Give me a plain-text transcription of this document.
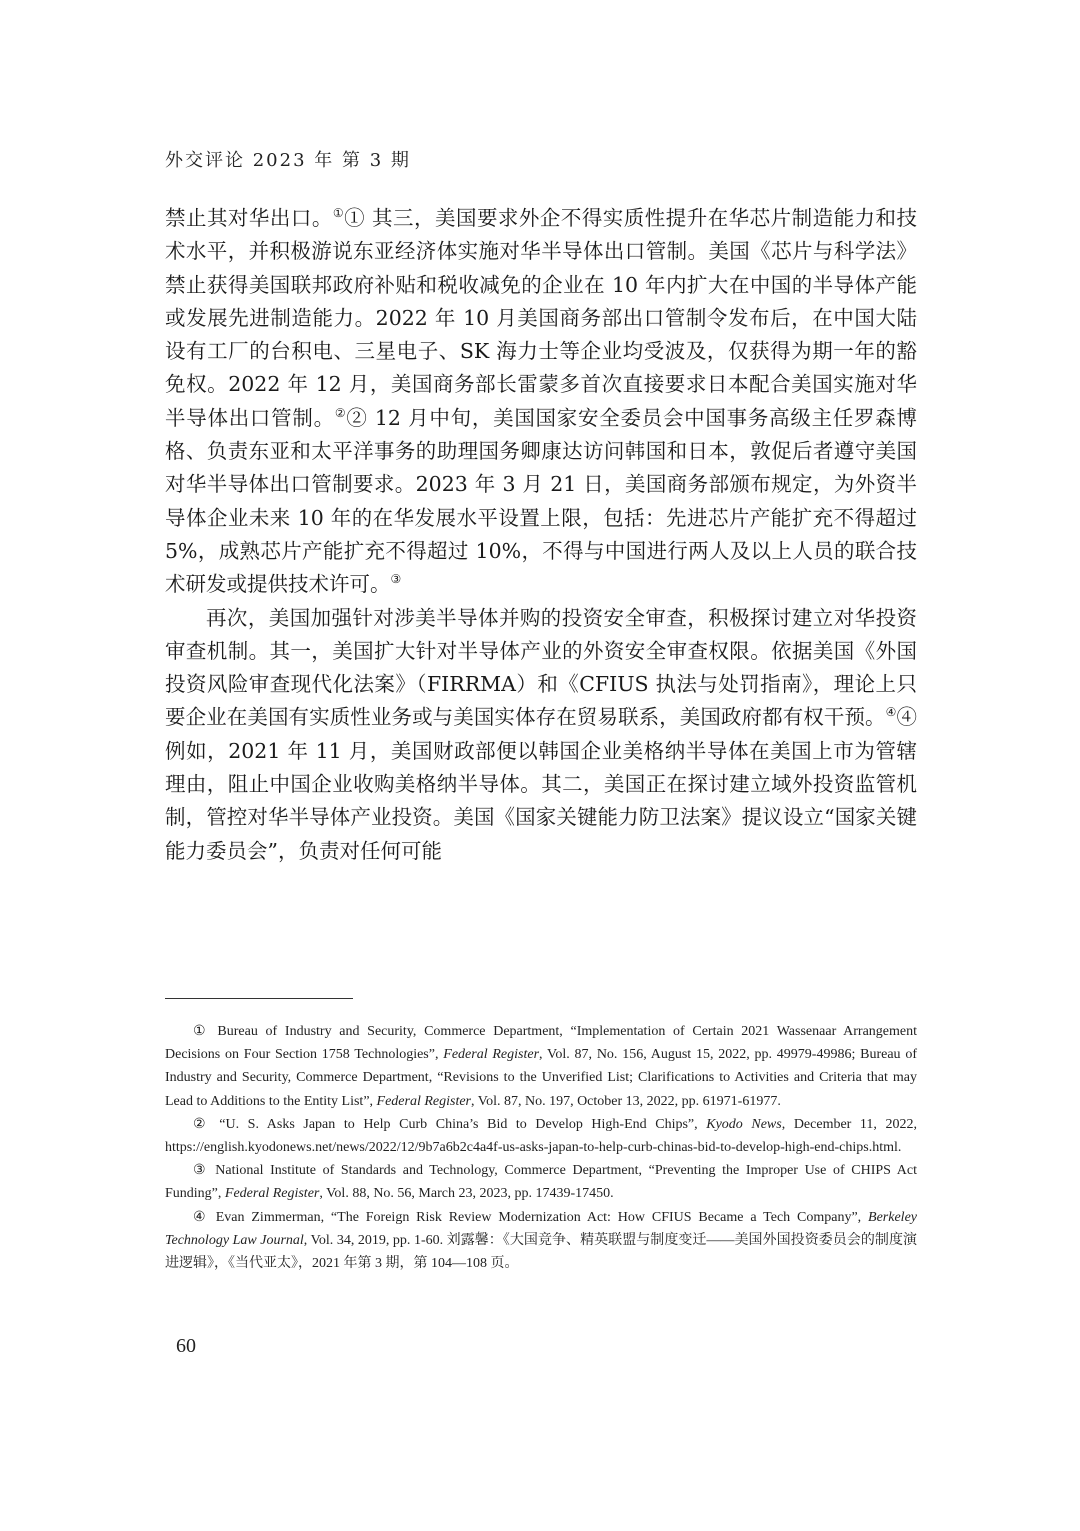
外交评论 2023 年 第 3 期

禁止其对华出口。①① 其三，美国要求外企不得实质性提升在华芯片制造能力和技术水平，并积极游说东亚经济体实施对华半导体出口管制。美国《芯片与科学法》禁止获得美国联邦政府补贴和税收减免的企业在 10 年内扩大在中国的半导体产能或发展先进制造能力。2022 年 10 月美国商务部出口管制令发布后，在中国大陆设有工厂的台积电、三星电子、SK 海力士等企业均受波及，仅获得为期一年的豁免权。2022 年 12 月，美国商务部长雷蒙多首次直接要求日本配合美国实施对华半导体出口管制。②② 12 月中旬，美国国家安全委员会中国事务高级主任罗森博格、负责东亚和太平洋事务的助理国务卿康达访问韩国和日本，敦促后者遵守美国对华半导体出口管制要求。2023 年 3 月 21 日，美国商务部颁布规定，为外资半导体企业未来 10 年的在华发展水平设置上限，包括：先进芯片产能扩充不得超过 5%，成熟芯片产能扩充不得超过 10%，不得与中国进行两人及以上人员的联合技术研发或提供技术许可。③

再次，美国加强针对涉美半导体并购的投资安全审查，积极探讨建立对华投资审查机制。其一，美国扩大针对半导体产业的外资安全审查权限。依据美国《外国投资风险审查现代化法案》（FIRRMA）和《CFIUS 执法与处罚指南》，理论上只要企业在美国有实质性业务或与美国实体存在贸易联系，美国政府都有权干预。④④ 例如，2021 年 11 月，美国财政部便以韩国企业美格纳半导体在美国上市为管辖理由，阻止中国企业收购美格纳半导体。其二，美国正在探讨建立域外投资监管机制，管控对华半导体产业投资。美国《国家关键能力防卫法案》提议设立“国家关键能力委员会”，负责对任何可能

① Bureau of Industry and Security, Commerce Department, “Implementation of Certain 2021 Wassenaar Arrangement Decisions on Four Section 1758 Technologies”, Federal Register, Vol. 87, No. 156, August 15, 2022, pp. 49979-49986; Bureau of Industry and Security, Commerce Department, “Revisions to the Unverified List; Clarifications to Activities and Criteria that may Lead to Additions to the Entity List”, Federal Register, Vol. 87, No. 197, October 13, 2022, pp. 61971-61977.

② “U. S. Asks Japan to Help Curb China’s Bid to Develop High-End Chips”, Kyodo News, December 11, 2022, https://english.kyodonews.net/news/2022/12/9b7a6b2c4a4f-us-asks-japan-to-help-curb-chinas-bid-to-develop-high-end-chips.html.

③ National Institute of Standards and Technology, Commerce Department, “Preventing the Improper Use of CHIPS Act Funding”, Federal Register, Vol. 88, No. 56, March 23, 2023, pp. 17439-17450.

④ Evan Zimmerman, “The Foreign Risk Review Modernization Act: How CFIUS Became a Tech Company”, Berkeley Technology Law Journal, Vol. 34, 2019, pp. 1-60. 刘露馨：《大国竞争、精英联盟与制度变迁——美国外国投资委员会的制度演进逻辑》，《当代亚太》，2021 年第 3 期，第 104—108 页。

60
